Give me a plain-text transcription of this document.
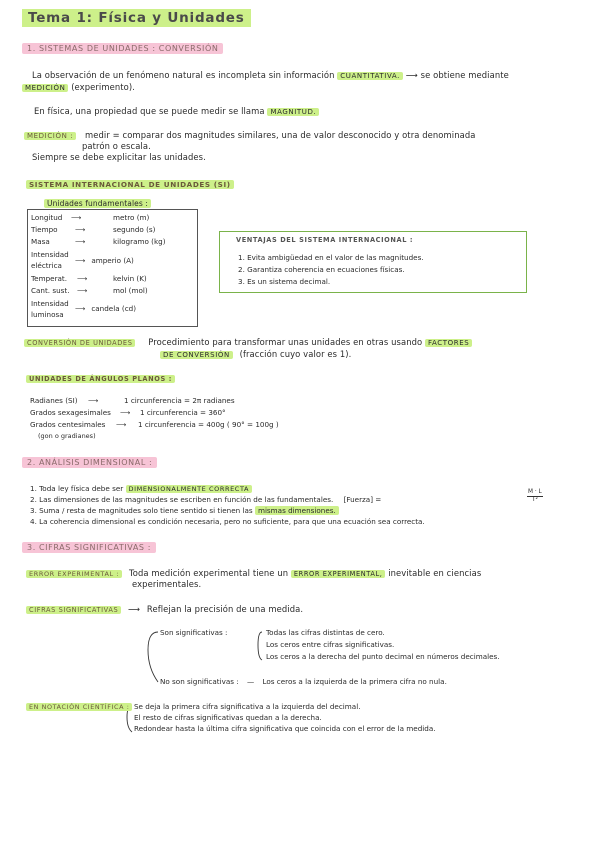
Tema 1: Física y Unidades
1. SISTEMAS DE UNIDADES : CONVERSIÓN
La observación de un fenómeno natural es incompleta sin información CUANTITATIVA. ⟶ se obtiene mediante
MEDICIÓN (experimento).
En física, una propiedad que se puede medir se llama MAGNITUD.
MEDICIÓN : medir = comparar dos magnitudes similares, una de valor desconocido y otra denominada
patrón o escala.
Siempre se debe explicitar las unidades.
SISTEMA INTERNACIONAL DE UNIDADES (SI)
Unidades fundamentales :
Longitud ⟶	metro (m)
Tiempo ⟶	segundo (s)
Masa	⟶	kilogramo (kg)
Intensidad
eléctrica
⟶ amperio (A)
Temperat. ⟶	kelvin (K)
Cant. sust. ⟶	mol (mol)
Intensidad
luminosa
⟶ candela (cd)
VENTAJAS DEL SISTEMA INTERNACIONAL :
1. Evita ambigüedad en el valor de las magnitudes.
2. Garantiza coherencia en ecuaciones físicas.
3. Es un sistema decimal.
CONVERSIÓN DE UNIDADES Procedimiento para transformar unas unidades en otras usando FACTORES
DE CONVERSIÓN (fracción cuyo valor es 1).
UNIDADES DE ÁNGULOS PLANOS :
Radianes (SI) ⟶	1 circunferencia = 2π radianes
Grados sexagesimales ⟶ 1 circunferencia = 360°
Grados centesimales ⟶ 1 circunferencia = 400g ( 90° = 100g )
(gon o gradianes)
2. ANÁLISIS DIMENSIONAL :
1. Toda ley física debe ser DIMENSIONALMENTE CORRECTA
2. Las dimensiones de las magnitudes se escriben en función de las fundamentales. [Fuerza] =	$\frac{M \cdot L}{\text{T²}}$
3. Suma / resta de magnitudes solo tiene sentido si tienen las mismas dimensiones.
4. La coherencia dimensional es condición necesaria, pero no suficiente, para que una ecuación sea correcta.
3. CIFRAS SIGNIFICATIVAS :
ERROR EXPERIMENTAL : Toda medición experimental tiene un ERROR EXPERIMENTAL, inevitable en ciencias
experimentales.
CIFRAS SIGNIFICATIVAS ⟶ Reflejan la precisión de una medida.
Son significativas :	Todas las cifras distintas de cero.
Los ceros entre cifras significativas.
Los ceros a la derecha del punto decimal en números decimales.
No son significativas : — Los ceros a la izquierda de la primera cifra no nula.
EN NOTACIÓN CIENTÍFICA : Se deja la primera cifra significativa a la izquierda del decimal.
El resto de cifras significativas quedan a la derecha.
Redondear hasta la última cifra significativa que coincida con el error de la medida.
